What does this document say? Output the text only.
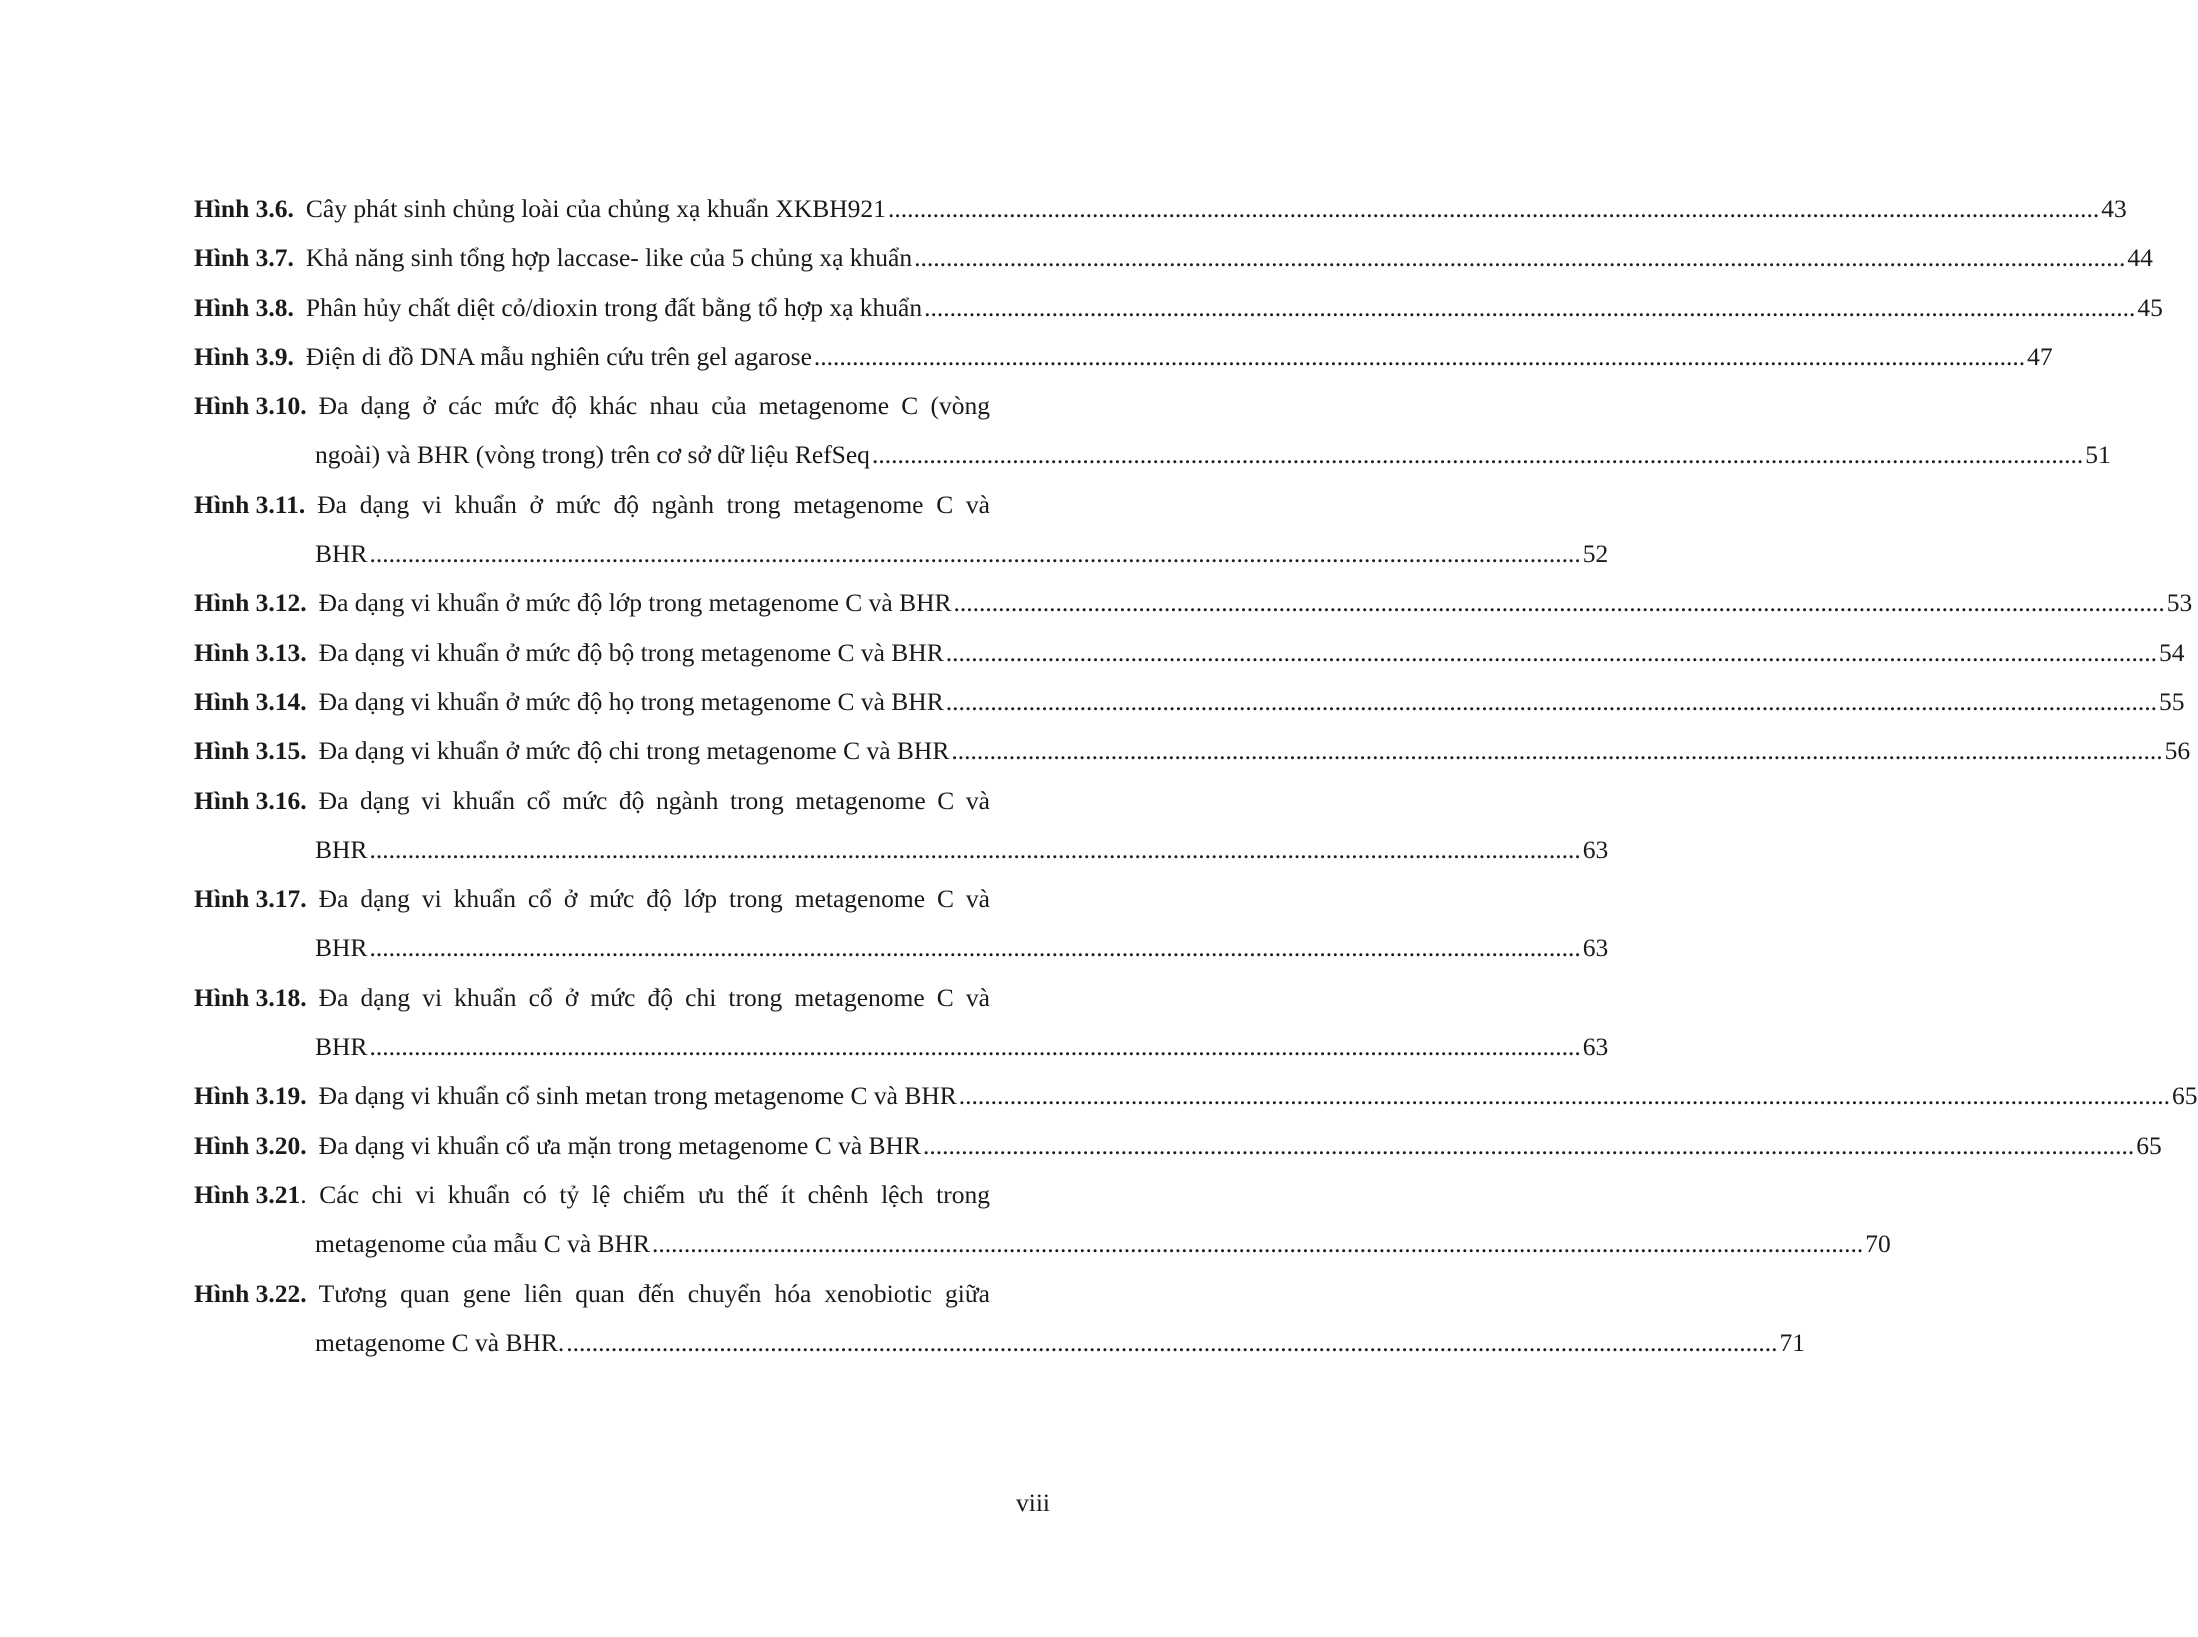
Hình 3.6. Cây phát sinh chủng loài của chủng xạ khuẩn XKBH921 .....	43
Hình 3.7. Khả năng sinh tổng hợp laccase- like của 5 chủng xạ khuẩn .....	44
Hình 3.8. Phân hủy chất diệt cỏ/dioxin trong đất bằng tổ hợp xạ khuẩn .....	45
Hình 3.9. Điện di đồ DNA mẫu nghiên cứu trên gel agarose .....	47
Hình 3.10. Đa dạng ở các mức độ khác nhau của metagenome C (vòng
ngoài) và BHR (vòng trong) trên cơ sở dữ liệu RefSeq .....	51
Hình 3.11. Đa dạng vi khuẩn ở mức độ ngành trong metagenome C và
BHR .....	52
Hình 3.12. Đa dạng vi khuẩn ở mức độ lớp trong metagenome C và BHR .....	53
Hình 3.13. Đa dạng vi khuẩn ở mức độ bộ trong metagenome C và BHR .....	54
Hình 3.14. Đa dạng vi khuẩn ở mức độ họ trong metagenome C và BHR .....	55
Hình 3.15. Đa dạng vi khuẩn ở mức độ chi trong metagenome C và BHR .....	56
Hình 3.16. Đa dạng vi khuẩn cổ mức độ ngành trong metagenome C và
BHR .....	63
Hình 3.17. Đa dạng vi khuẩn cổ ở mức độ lớp trong metagenome C và
BHR .....	63
Hình 3.18. Đa dạng vi khuẩn cổ ở mức độ chi trong metagenome C và
BHR .....	63
Hình 3.19. Đa dạng vi khuẩn cổ sinh metan trong metagenome C và BHR .....	65
Hình 3.20. Đa dạng vi khuẩn cổ ưa mặn trong metagenome C và BHR .....	65
Hình 3.21 . Các chi vi khuẩn có tỷ lệ chiếm ưu thế ít chênh lệch trong
metagenome của mẫu C và BHR .....	70
Hình 3.22. Tương quan gene liên quan đến chuyển hóa xenobiotic giữa
metagenome C và BHR. .....	71
viii
